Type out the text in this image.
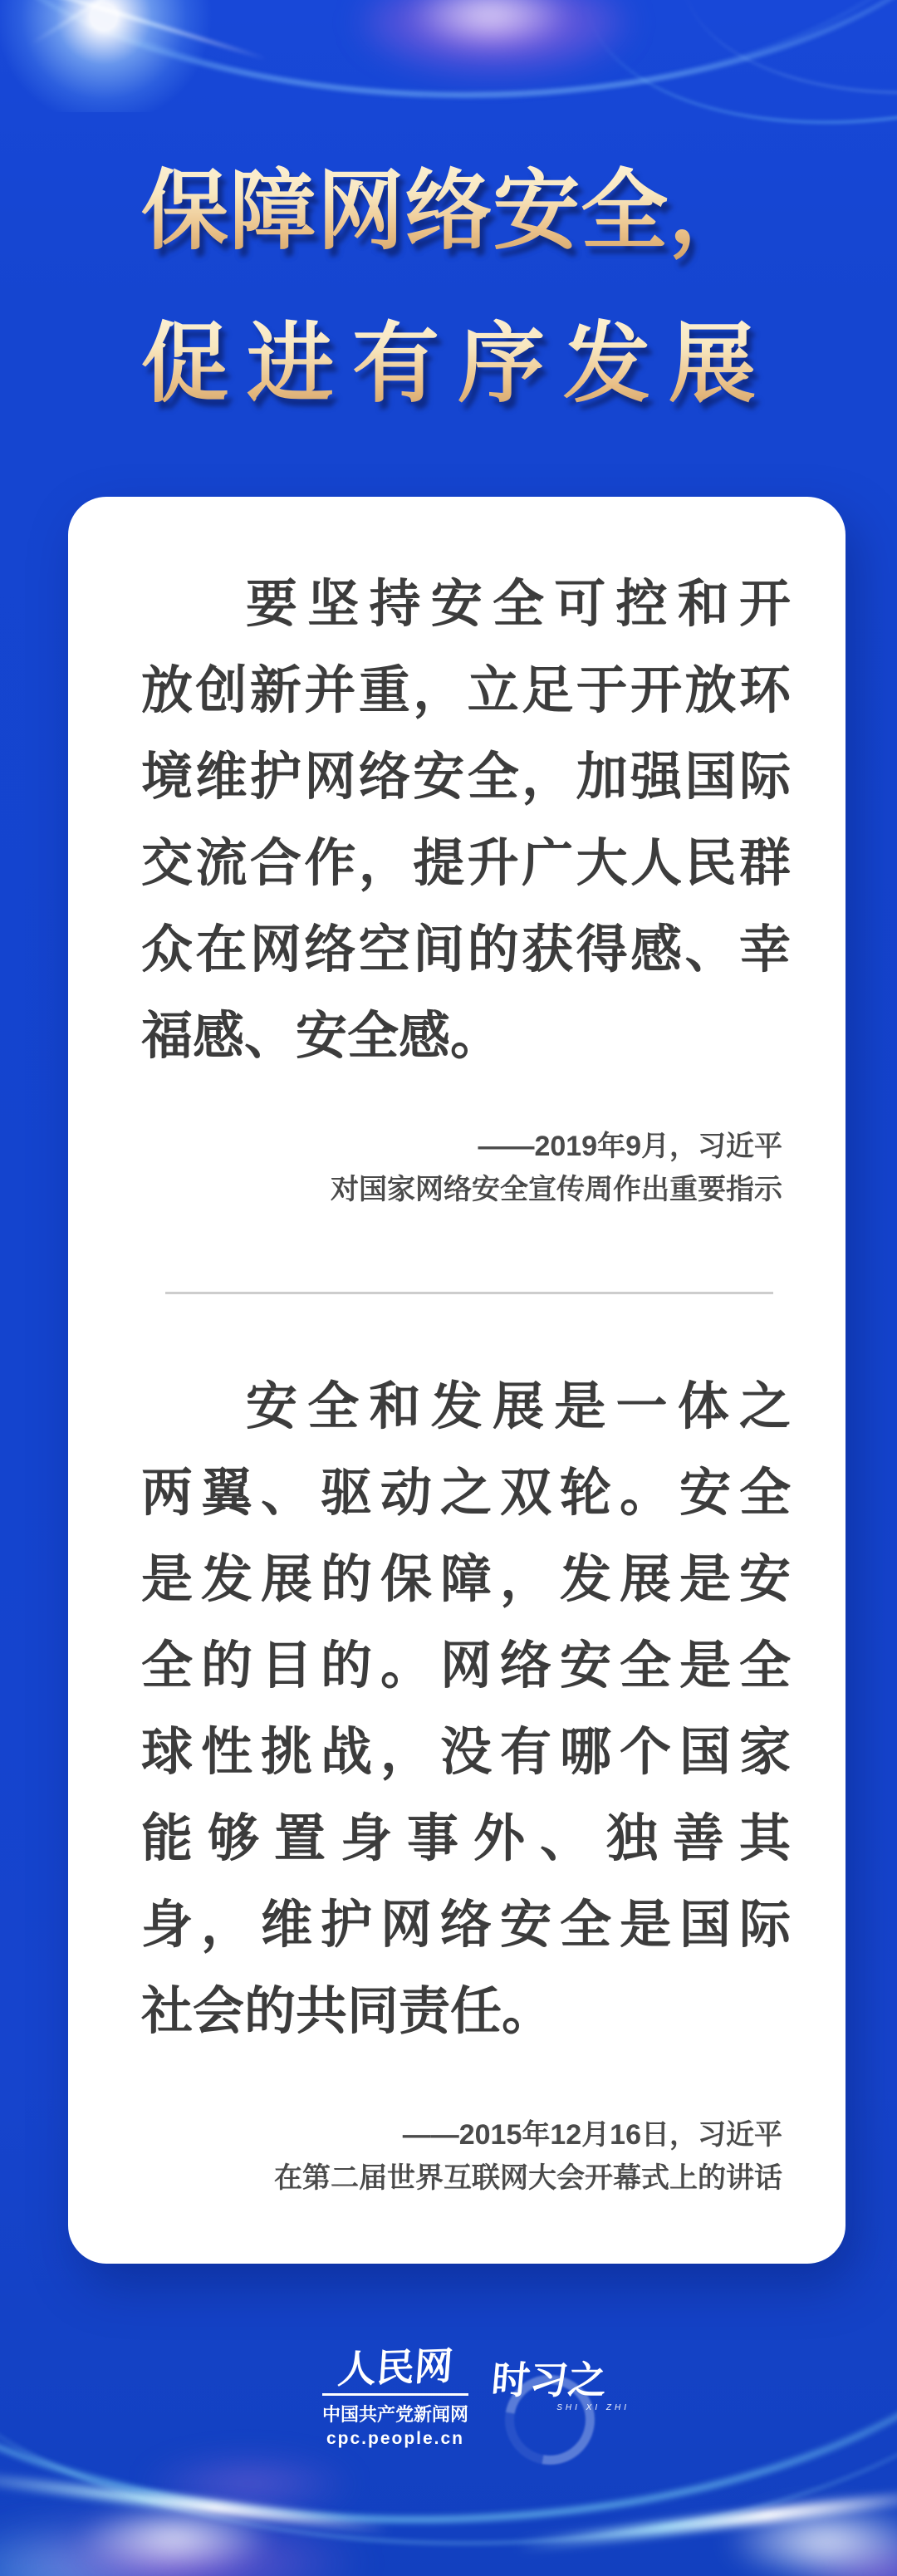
保障网络安全，
促进有序发展
要坚持安全可控和开
放创新并重，立足于开放环
境维护网络安全，加强国际
交流合作，提升广大人民群
众在网络空间的获得感、幸
福感、安全感。
——2019年9月，习近平
对国家网络安全宣传周作出重要指示
安全和发展是一体之
两翼、驱动之双轮。安全
是发展的保障，发展是安
全的目的。网络安全是全
球性挑战，没有哪个国家
能够置身事外、独善其
身，维护网络安全是国际
社会的共同责任。
——2015年12月16日，习近平
在第二届世界互联网大会开幕式上的讲话
人民网
中国共产党新闻网
cpc.people.cn
时习之
SHI XI ZHI
